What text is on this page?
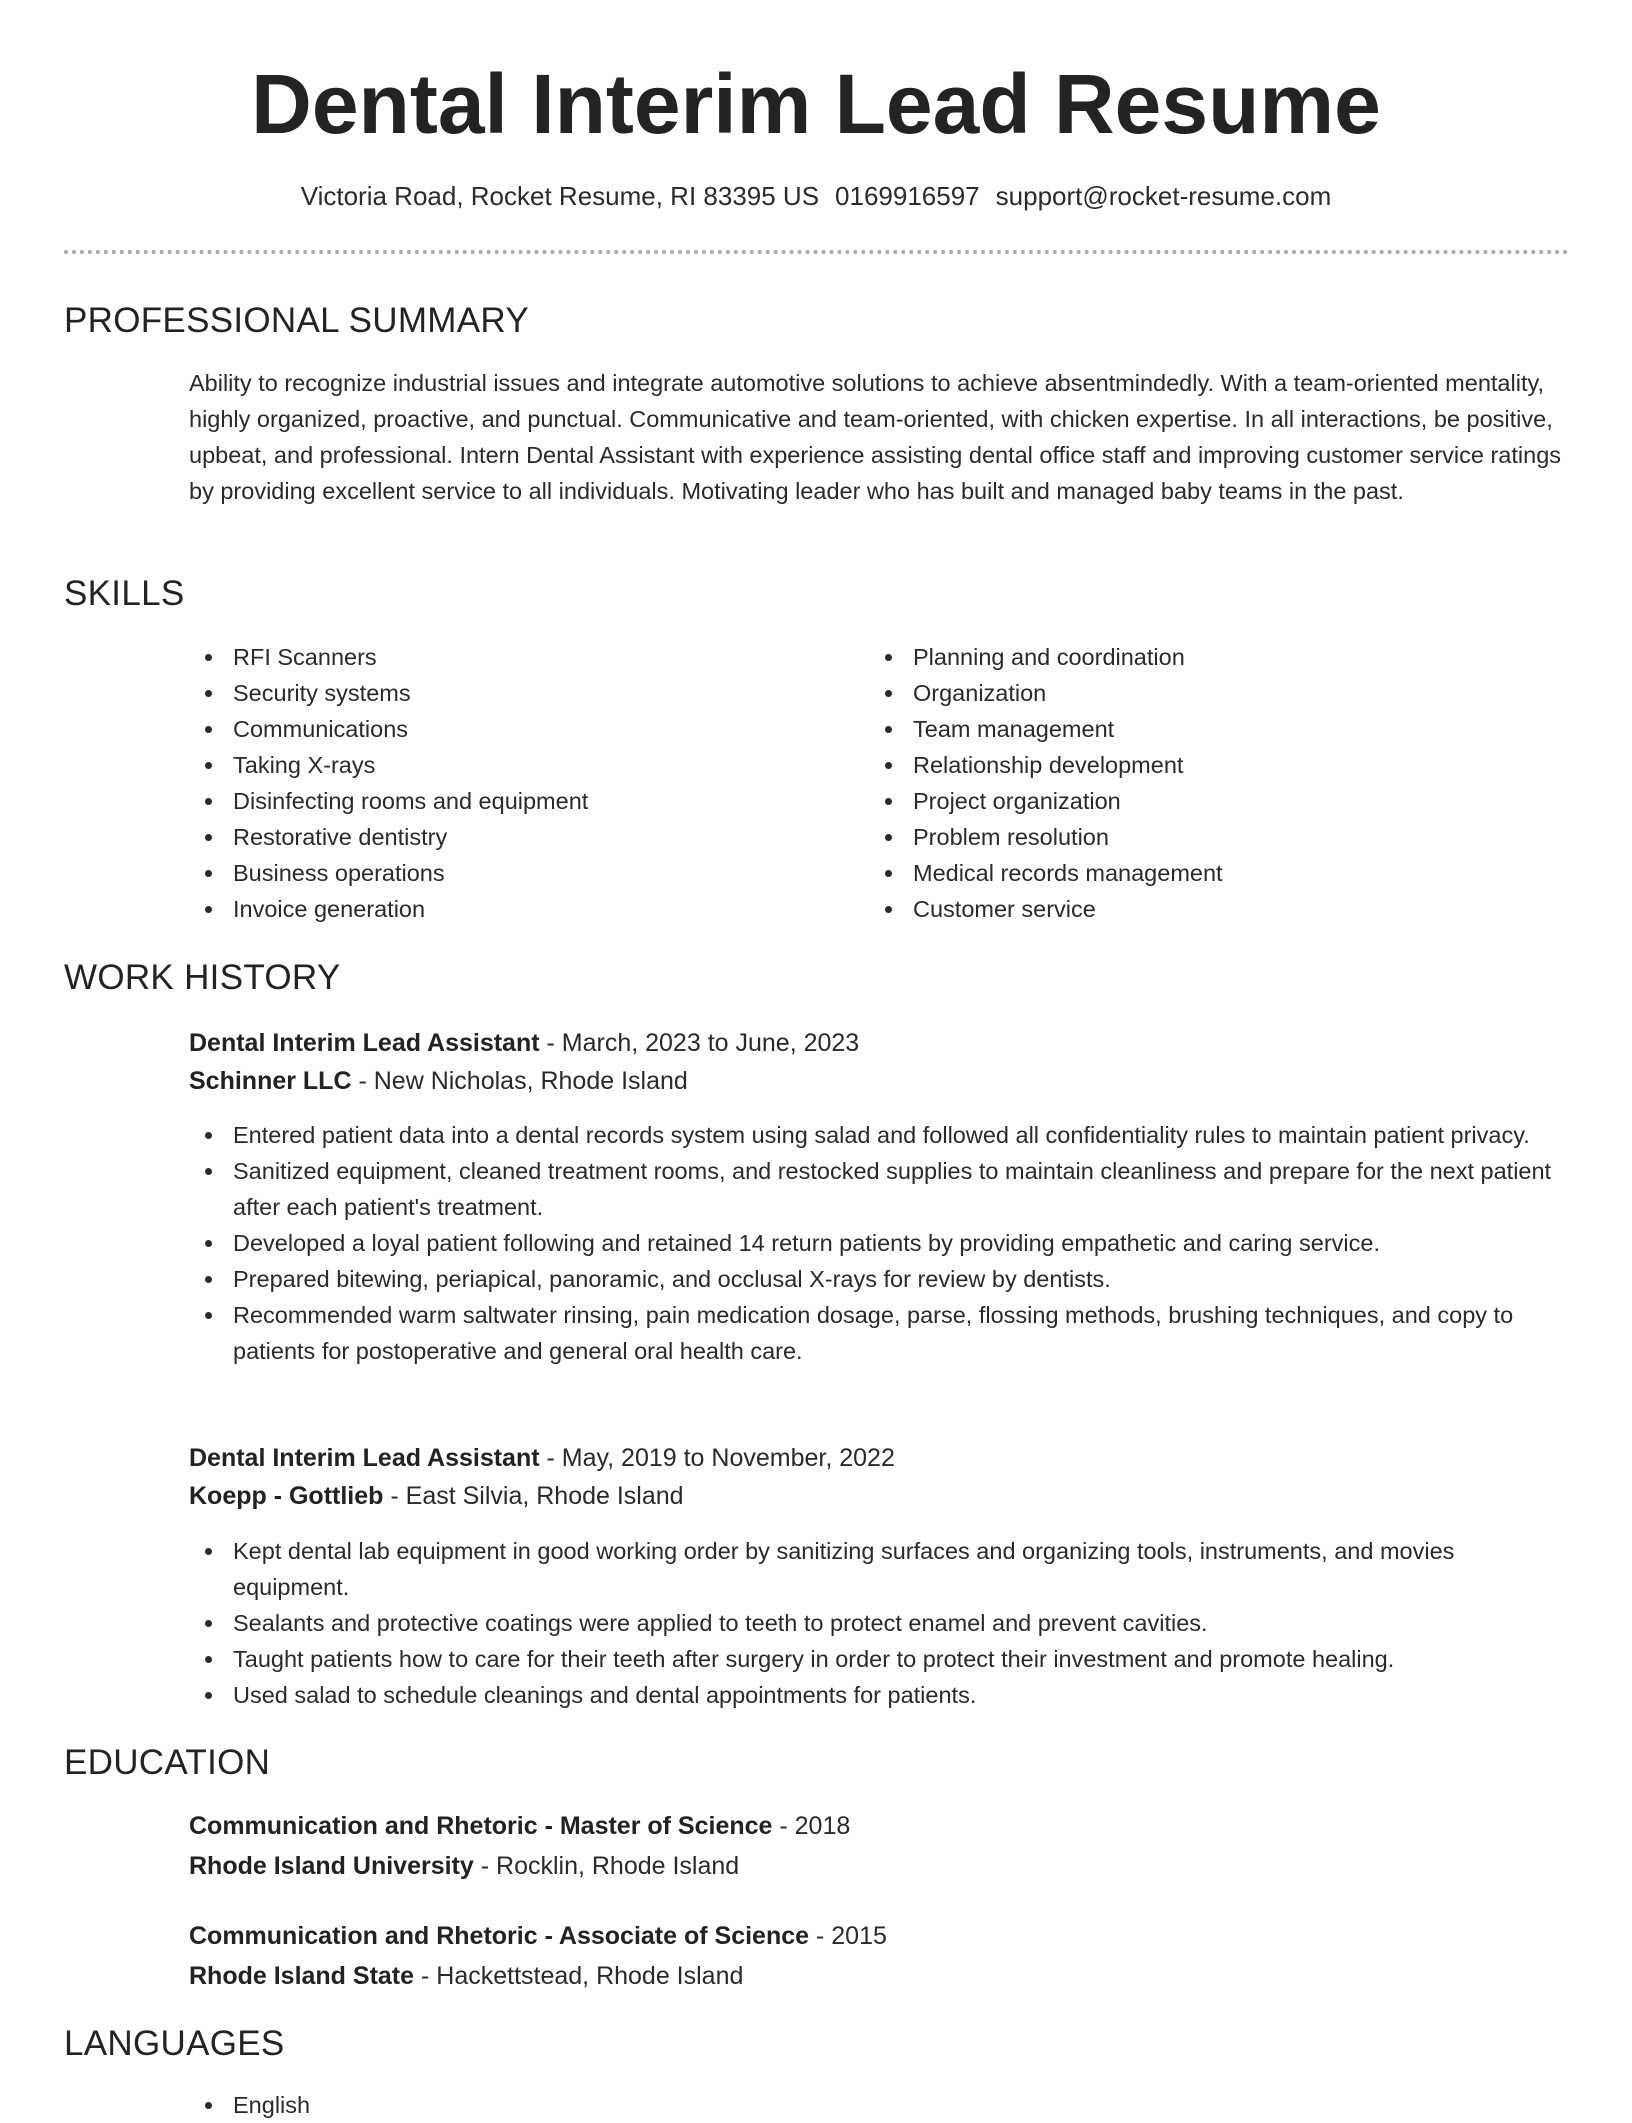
Dental Interim Lead Resume
Victoria Road, Rocket Resume, RI 83395 US 0169916597 support@rocket-resume.com
PROFESSIONAL SUMMARY

Ability to recognize industrial issues and integrate automotive solutions to achieve absentmindedly. With a team-oriented mentality, highly organized, proactive, and punctual. Communicative and team-oriented, with chicken expertise. In all interactions, be positive, upbeat, and professional. Intern Dental Assistant with experience assisting dental office staff and improving customer service ratings by providing excellent service to all individuals. Motivating leader who has built and managed baby teams in the past.

SKILLS
RFI Scanners
Security systems
Communications
Taking X-rays
Disinfecting rooms and equipment
Restorative dentistry
Business operations
Invoice generation
Planning and coordination
Organization
Team management
Relationship development
Project organization
Problem resolution
Medical records management
Customer service
WORK HISTORY
Dental Interim Lead Assistant - March, 2023 to June, 2023
Schinner LLC - New Nicholas, Rhode Island
Entered patient data into a dental records system using salad and followed all confidentiality rules to maintain patient privacy.
Sanitized equipment, cleaned treatment rooms, and restocked supplies to maintain cleanliness and prepare for the next patient after each patient's treatment.
Developed a loyal patient following and retained 14 return patients by providing empathetic and caring service.
Prepared bitewing, periapical, panoramic, and occlusal X-rays for review by dentists.
Recommended warm saltwater rinsing, pain medication dosage, parse, flossing methods, brushing techniques, and copy to patients for postoperative and general oral health care.
Dental Interim Lead Assistant - May, 2019 to November, 2022
Koepp - Gottlieb - East Silvia, Rhode Island
Kept dental lab equipment in good working order by sanitizing surfaces and organizing tools, instruments, and movies equipment.
Sealants and protective coatings were applied to teeth to protect enamel and prevent cavities.
Taught patients how to care for their teeth after surgery in order to protect their investment and promote healing.
Used salad to schedule cleanings and dental appointments for patients.
EDUCATION
Communication and Rhetoric - Master of Science - 2018
Rhode Island University - Rocklin, Rhode Island
Communication and Rhetoric - Associate of Science - 2015
Rhode Island State - Hackettstead, Rhode Island
LANGUAGES
English
